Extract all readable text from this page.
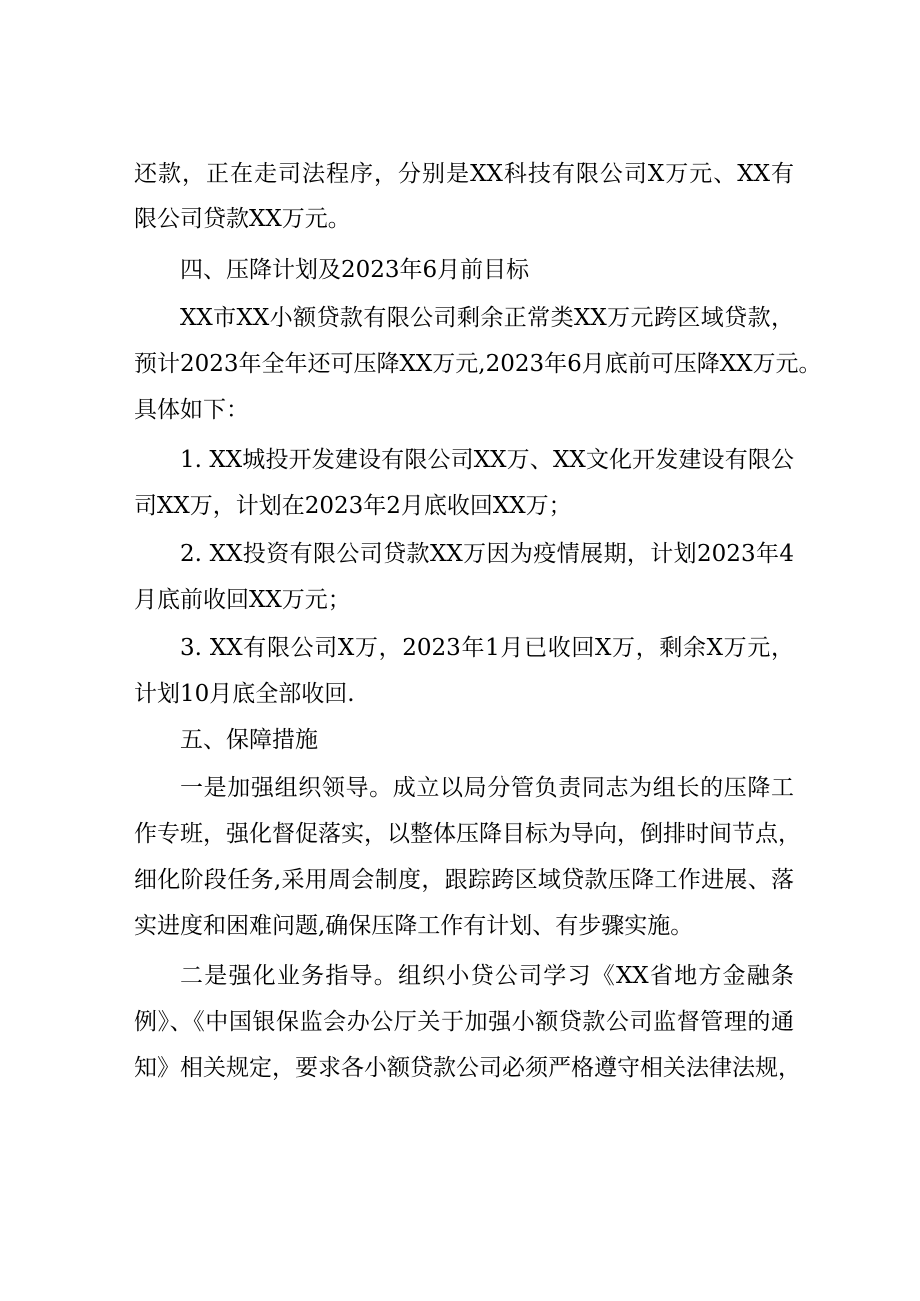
还款，正在走司法程序，分别是XX科技有限公司X万元、XX有
限公司贷款XX万元。
四、压降计划及2023年6月前目标
XX市XX小额贷款有限公司剩余正常类XX万元跨区域贷款，
预计2023年全年还可压降XX万元,2023年6月底前可压降XX万元。
具体如下：
1. XX城投开发建设有限公司XX万、XX文化开发建设有限公
司XX万，计划在2023年2月底收回XX万；
2. XX投资有限公司贷款XX万因为疫情展期，计划2023年4
月底前收回XX万元；
3. XX有限公司X万，2023年1月已收回X万，剩余X万元，
计划10月底全部收回.
五、保障措施
一是加强组织领导。成立以局分管负责同志为组长的压降工
作专班，强化督促落实，以整体压降目标为导向，倒排时间节点，
细化阶段任务,采用周会制度，跟踪跨区域贷款压降工作进展、落
实进度和困难问题,确保压降工作有计划、有步骤实施。
二是强化业务指导。组织小贷公司学习《XX省地方金融条
例》、《中国银保监会办公厅关于加强小额贷款公司监督管理的通
知》相关规定，要求各小额贷款公司必须严格遵守相关法律法规，
